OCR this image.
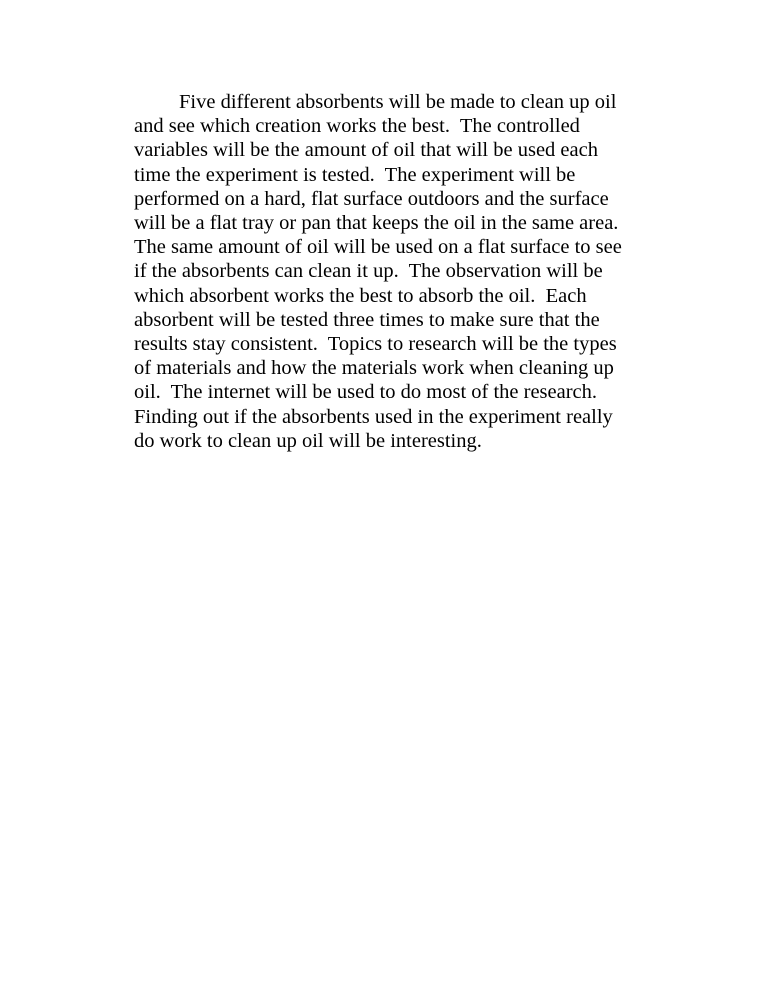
Five different absorbents will be made to clean up oil
and see which creation works the best.  The controlled
variables will be the amount of oil that will be used each
time the experiment is tested.  The experiment will be
performed on a hard, flat surface outdoors and the surface
will be a flat tray or pan that keeps the oil in the same area.
The same amount of oil will be used on a flat surface to see
if the absorbents can clean it up.  The observation will be
which absorbent works the best to absorb the oil.  Each
absorbent will be tested three times to make sure that the
results stay consistent.  Topics to research will be the types
of materials and how the materials work when cleaning up
oil.  The internet will be used to do most of the research.
Finding out if the absorbents used in the experiment really
do work to clean up oil will be interesting.
